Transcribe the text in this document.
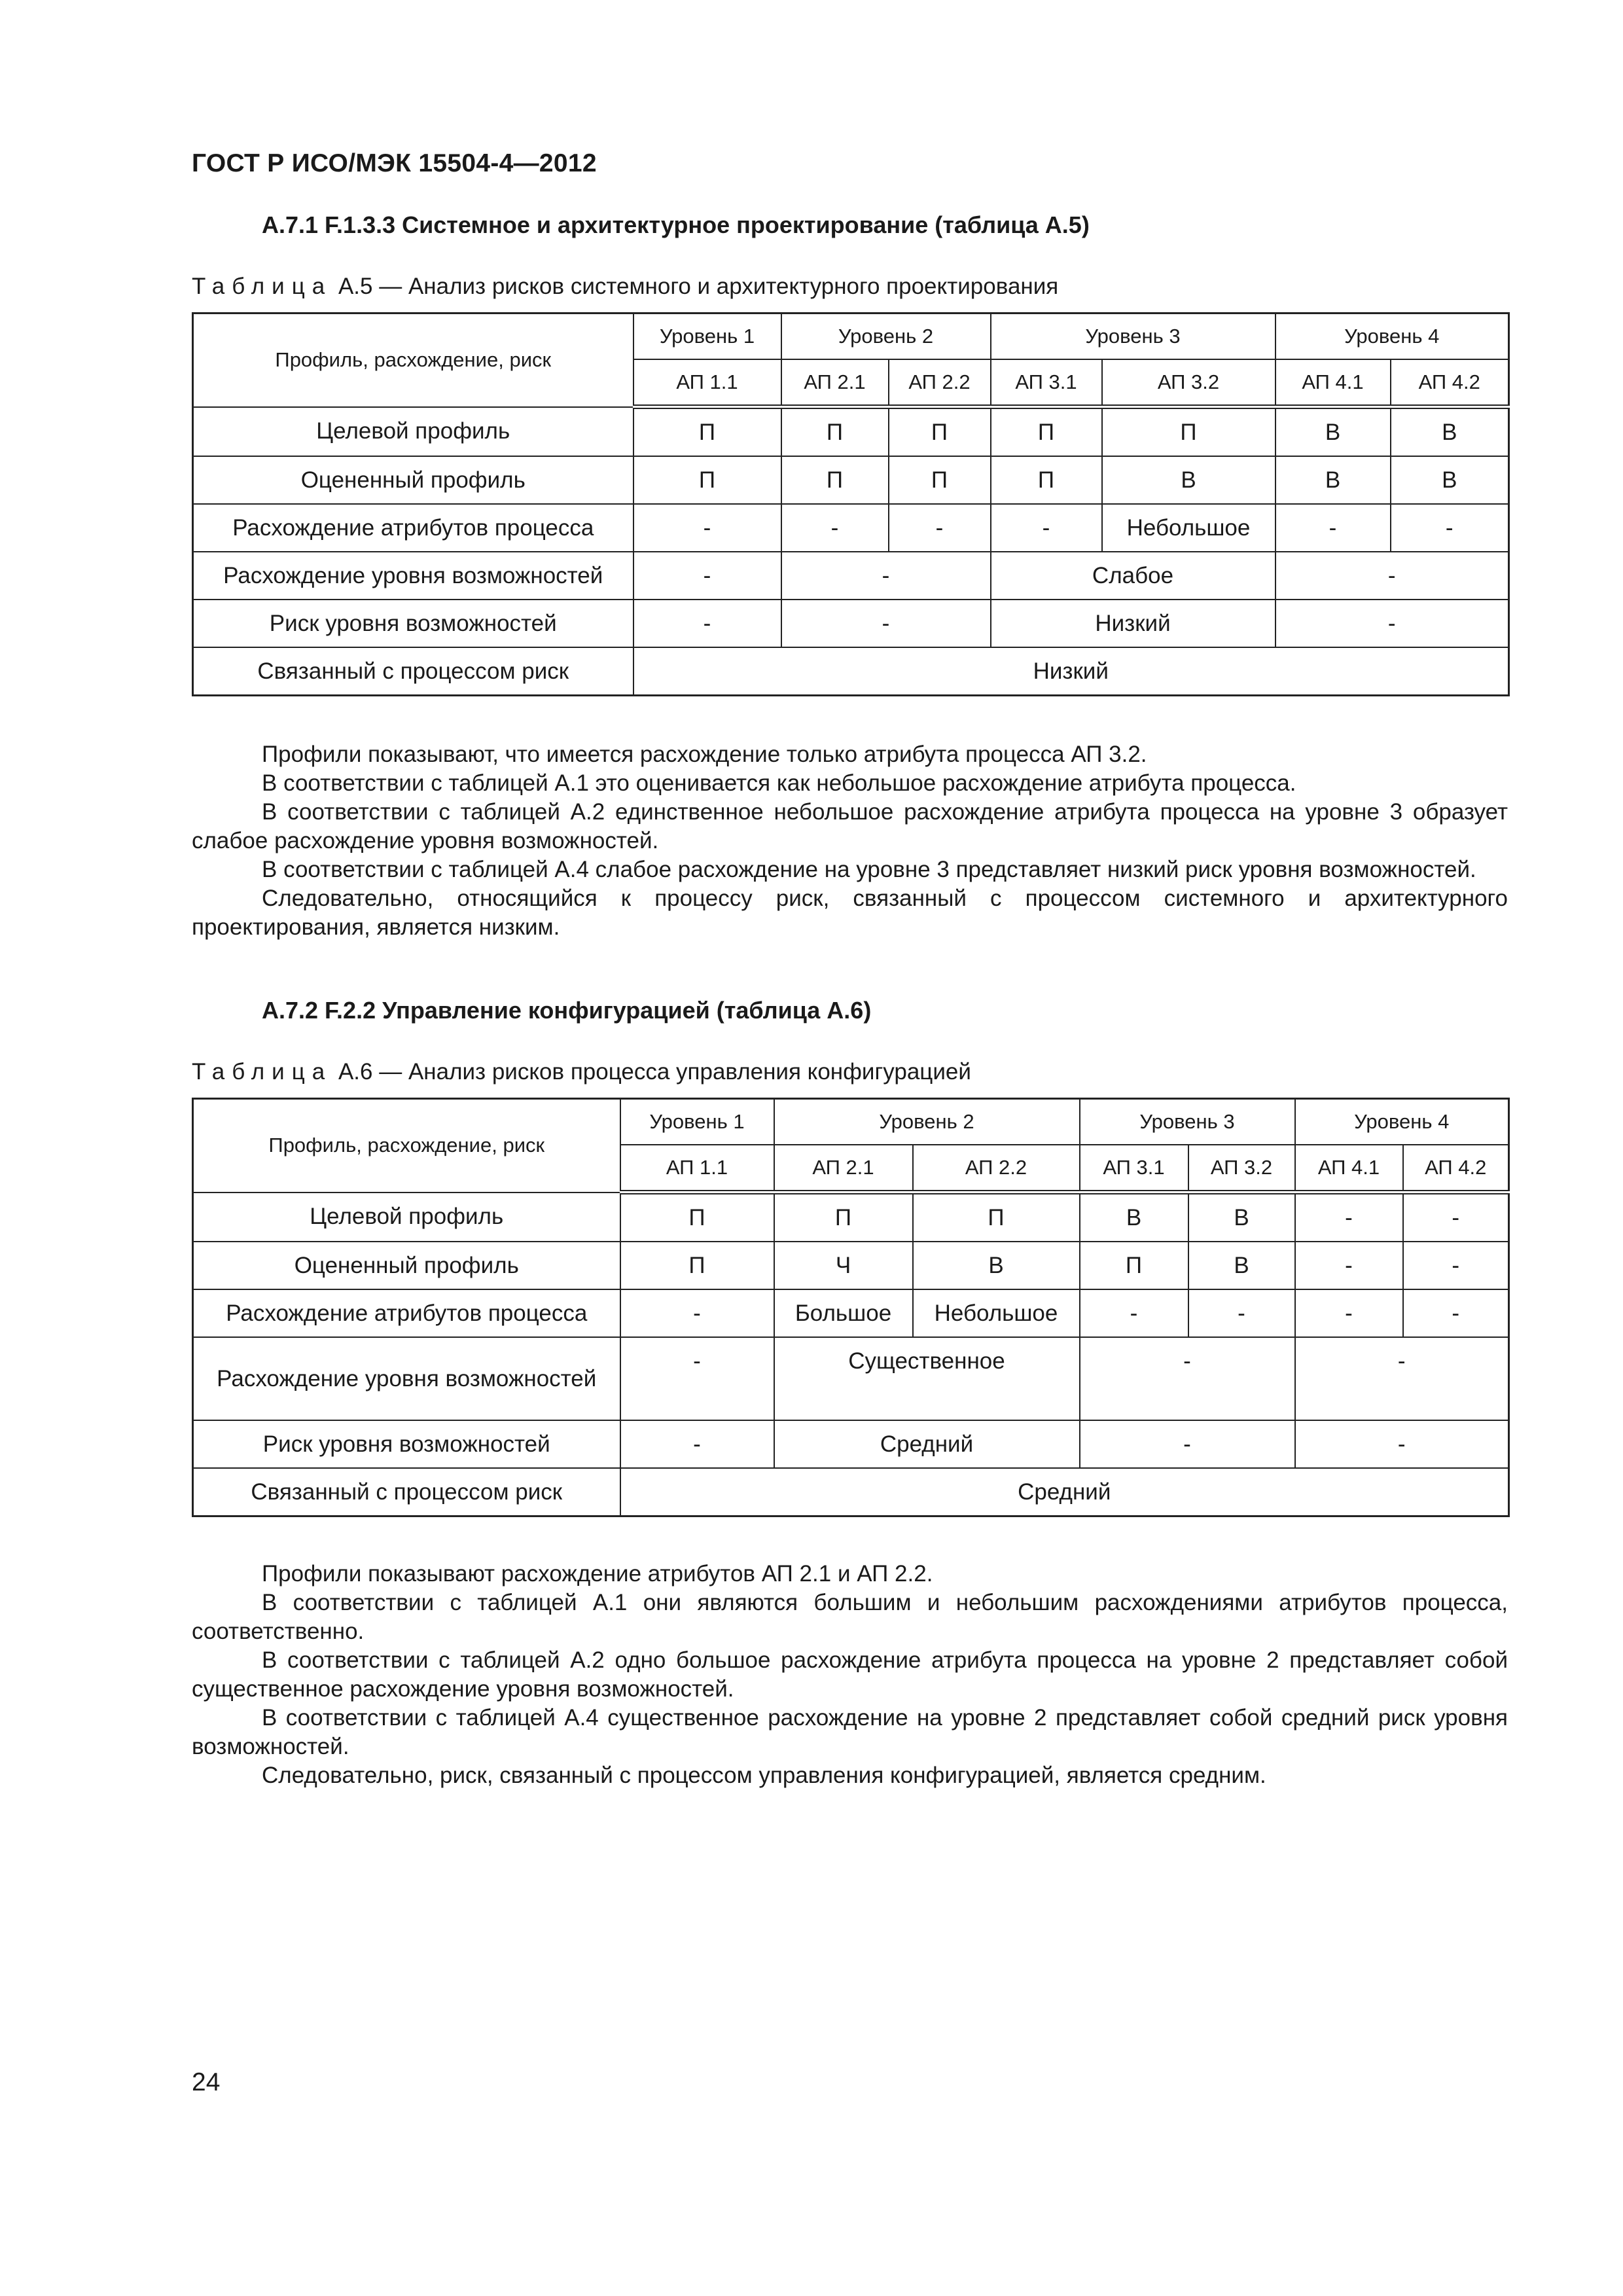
ГОСТ Р ИСО/МЭК 15504-4—2012
А.7.1 F.1.3.3 Системное и архитектурное проектирование (таблица А.5)
Таблица А.5 — Анализ рисков системного и архитектурного проектирования
Профиль, расхождение, риск	Уровень 1	Уровень 2		Уровень 3		Уровень 4	
	АП 1.1	АП 2.1	АП 2.2	АП 3.1	АП 3.2	АП 4.1	АП 4.2
Целевой профиль	П	П	П	П	П	В	В
Оцененный профиль	П	П	П	П	В	В	В
Расхождение атрибутов процесса	-	-	-	-	Небольшое	-	-
Расхождение уровня возможностей	-	-		Слабое		-	
Риск уровня возможностей	-	-		Низкий		-	
Связанный с процессом риск	Низкий						

Профили показывают, что имеется расхождение только атрибута процесса АП 3.2.

В соответствии с таблицей А.1 это оценивается как небольшое расхождение атрибута процесса.

В соответствии с таблицей А.2 единственное небольшое расхождение атрибута процесса на уровне 3 образует слабое расхождение уровня возможностей.

В соответствии с таблицей А.4 слабое расхождение на уровне 3 представляет низкий риск уровня возможностей.

Следовательно, относящийся к процессу риск, связанный с процессом системного и архитектурного проектирования, является низким.

А.7.2 F.2.2 Управление конфигурацией (таблица А.6)
Таблица А.6 — Анализ рисков процесса управления конфигурацией
Профиль, расхождение, риск	Уровень 1	Уровень 2		Уровень 3		Уровень 4	
	АП 1.1	АП 2.1	АП 2.2	АП 3.1	АП 3.2	АП 4.1	АП 4.2
Целевой профиль	П	П	П	В	В	-	-
Оцененный профиль	П	Ч	В	П	В	-	-
Расхождение атрибутов процесса	-	Большое	Небольшое	-	-	-	-
Расхождение уровня возможностей	-	Существенное		-		-	
Риск уровня возможностей	-	Средний		-		-	
Связанный с процессом риск	Средний						

Профили показывают расхождение атрибутов АП 2.1 и АП 2.2.

В соответствии с таблицей А.1 они являются большим и небольшим расхождениями атрибутов процесса, соответственно.

В соответствии с таблицей А.2 одно большое расхождение атрибута процесса на уровне 2 представляет собой существенное расхождение уровня возможностей.

В соответствии с таблицей А.4 существенное расхождение на уровне 2 представляет собой средний риск уровня возможностей.

Следовательно, риск, связанный с процессом управления конфигурацией, является средним.

24
